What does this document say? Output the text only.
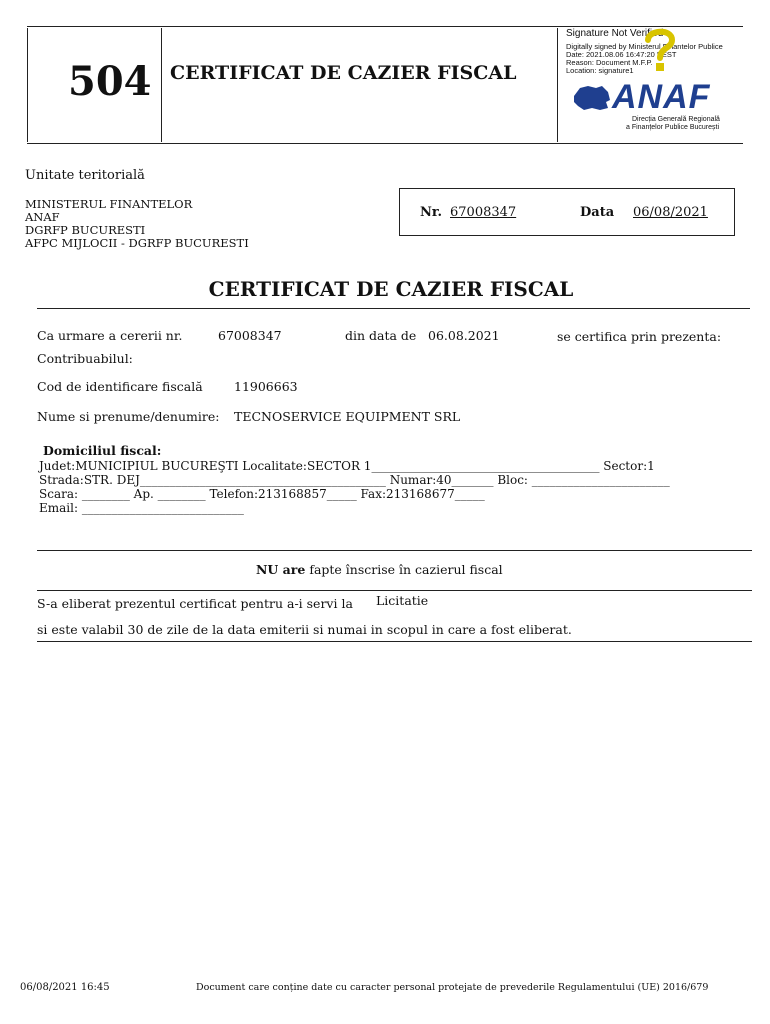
504 CERTIFICAT DE CAZIER FISCAL
Signature Not Verified
Digitally signed by Ministerul Finantelor Publice
Date: 2021.08.06 16:47:20 EEST
Reason: Document M.F.P.
Location: signature1
ANAF
Direcția Generală Regională
a Finanțelor Publice București
Unitate teritorială
MINISTERUL FINANTELOR
ANAF
DGRFP BUCURESTI
AFPC MIJLOCII - DGRFP BUCURESTI
Nr. 67008347	Data 06/08/2021
CERTIFICAT DE CAZIER FISCAL
Ca urmare a cererii nr.	67008347	din data de 06.08.2021	se certifica prin prezenta:
Contribuabilul:
Cod de identificare fiscală	11906663
Nume si prenume/denumire: TECNOSERVICE EQUIPMENT SRL
Domiciliul fiscal:
Judet:MUNICIPIUL BUCUREŞTI Localitate:SECTOR 1______________________________________ Sector:1
Strada:STR. DEJ_________________________________________ Numar:40_______ Bloc: _______________________
Scara: ________ Ap. ________ Telefon:213168857_____ Fax:213168677_____
Email: ___________________________
NU are fapte înscrise în cazierul fiscal
S-a eliberat prezentul certificat pentru a-i servi la Licitatie
si este valabil 30 de zile de la data emiterii si numai in scopul in care a fost eliberat.
06/08/2021 16:45	Document care conține date cu caracter personal protejate de prevederile Regulamentului (UE) 2016/679
